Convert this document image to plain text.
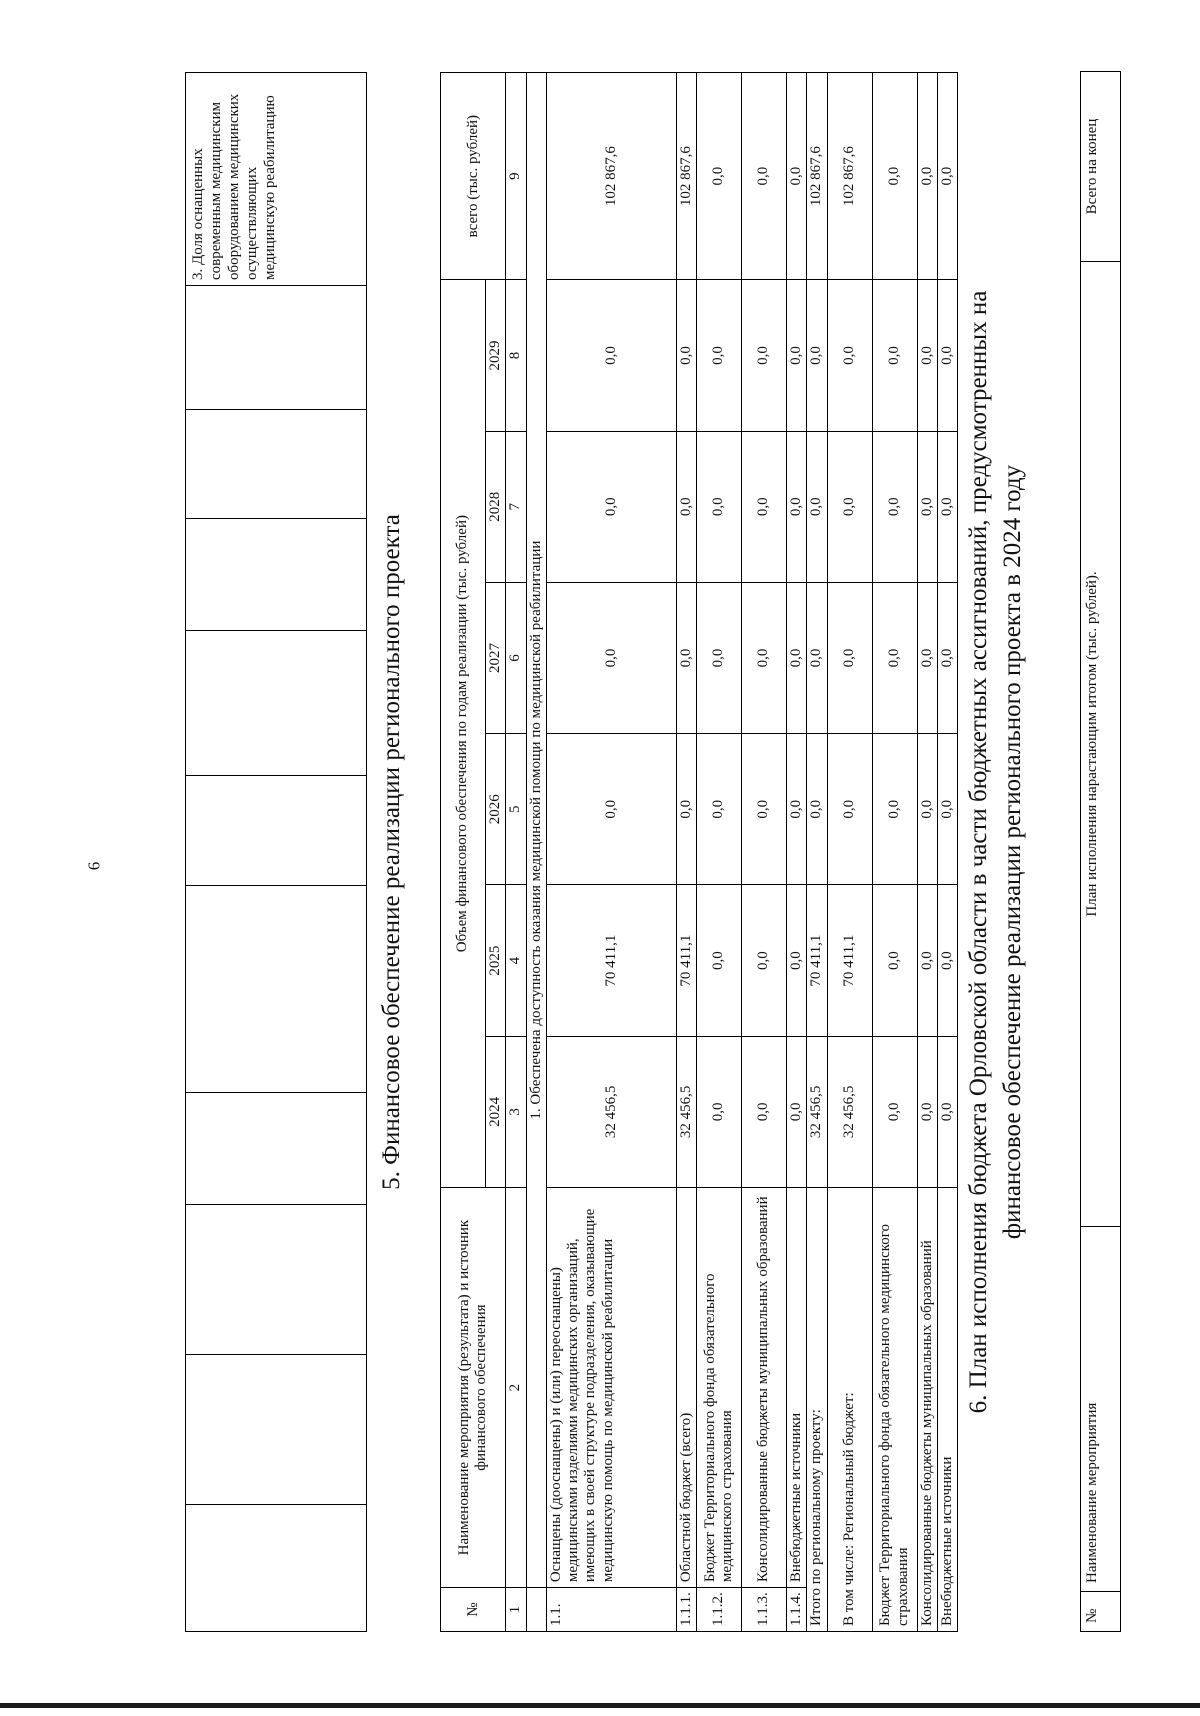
6
										3. Доля оснащенных современным медицинским оборудованием медицинских осуществляющих медицинскую реабилитацию
5. Финансовое обеспечение реализации регионального проекта
№	Наименование мероприятия (результата) и источник финансового обеспечения	Объем финансового обеспечения по годам реализации (тыс. рублей)						всего (тыс. рублей)
		2024	2025	2026	2027	2028	2029	
1	2	3	4	5	6	7	8	9
	1. Обеспечена доступность оказания медицинской помощи по медицинской реабилитации							
1.1.	Оснащены (дооснащены) и (или) переоснащены) медицинскими изделиями медицинских организаций, имеющих в своей структуре подразделения, оказывающие медицинскую помощь по медицинской реабилитации	32 456,5	70 411,1	0,0	0,0	0,0	0,0	102 867,6
1.1.1.	Областной бюджет (всего)	32 456,5	70 411,1	0,0	0,0	0,0	0,0	102 867,6
1.1.2.	Бюджет Территориального фонда обязательного медицинского страхования	0,0	0,0	0,0	0,0	0,0	0,0	0,0
1.1.3.	Консолидированные бюджеты муниципальных образований	0,0	0,0	0,0	0,0	0,0	0,0	0,0
1.1.4.	Внебюджетные источники	0,0	0,0	0,0	0,0	0,0	0,0	0,0
Итого по региональному проекту:		32 456,5	70 411,1	0,0	0,0	0,0	0,0	102 867,6
В том числе: Региональный бюджет:		32 456,5	70 411,1	0,0	0,0	0,0	0,0	102 867,6
Бюджет Территориального фонда обязательного медицинского страхования		0,0	0,0	0,0	0,0	0,0	0,0	0,0
Консолидированные бюджеты муниципальных образований		0,0	0,0	0,0	0,0	0,0	0,0	0,0
Внебюджетные источники		0,0	0,0	0,0	0,0	0,0	0,0	0,0
6. План исполнения бюджета Орловской области в части бюджетных ассигнований, предусмотренных на финансовое обеспечение реализации регионального проекта в 2024 году
№	Наименование мероприятия	План исполнения нарастающим итогом (тыс. рублей).	Всего на конец
